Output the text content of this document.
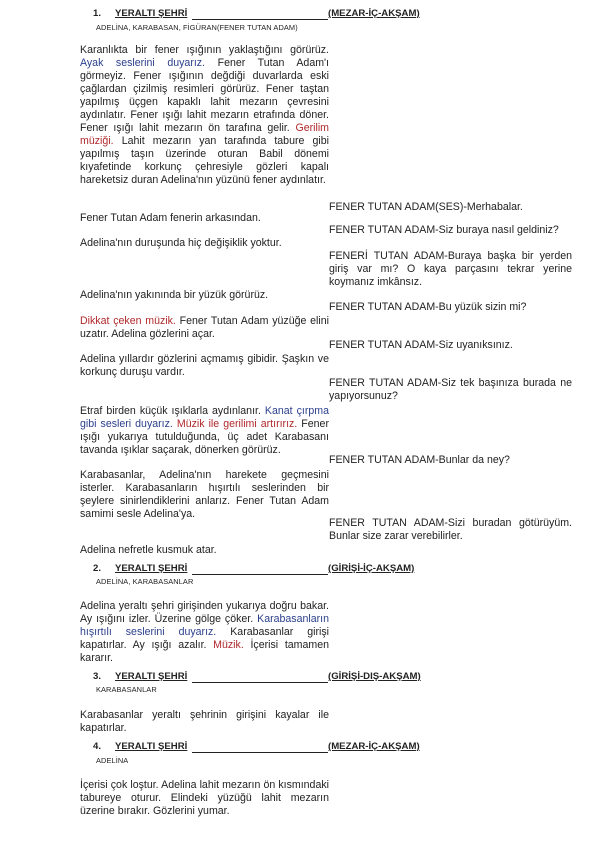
1. YERALTI ŞEHRİ	(MEZAR-İÇ-AKŞAM)
ADELİNA, KARABASAN, FİGÜRAN(FENER TUTAN ADAM)
Karanlıkta bir fener ışığının yaklaştığını görürüz. Ayak seslerini duyarız. Fener Tutan Adam'ı görmeyiz. Fener ışığının değdiği duvarlarda eski çağlardan çizilmiş resimleri görürüz. Fener taştan yapılmış üçgen kapaklı lahit mezarın çevresini aydınlatır. Fener ışığı lahit mezarın etrafında döner. Fener ışığı lahit mezarın ön tarafına gelir. Gerilim müziği. Lahit mezarın yan tarafında tabure gibi yapılmış taşın üzerinde oturan Babil dönemi kıyafetinde korkunç çehresiyle gözleri kapalı hareketsiz duran Adelina'nın yüzünü fener aydınlatır.
Fener Tutan Adam fenerin arkasından.
Adelina'nın duruşunda hiç değişiklik yoktur.
Adelina'nın yakınında bir yüzük görürüz.
Dikkat çeken müzik. Fener Tutan Adam yüzüğe elini uzatır. Adelina gözlerini açar.
Adelina yıllardır gözlerini açmamış gibidir. Şaşkın ve korkunç duruşu vardır.
Etraf birden küçük ışıklarla aydınlanır. Kanat çırpma gibi sesleri duyarız. Müzik ile gerilimi artırırız. Fener ışığı yukarıya tutulduğunda, üç adet Karabasanı tavanda ışıklar saçarak, dönerken görürüz.
Karabasanlar, Adelina'nın harekete geçmesini isterler. Karabasanların hışırtılı seslerinden bir şeylere sinirlendiklerini anlarız. Fener Tutan Adam samimi sesle Adelina'ya.
Adelina nefretle kusmuk atar.
FENER TUTAN ADAM(SES)-Merhabalar.
FENER TUTAN ADAM-Siz buraya nasıl geldiniz?
FENERİ TUTAN ADAM-Buraya başka bir yerden giriş var mı? O kaya parçasını tekrar yerine koymanız imkânsız.
FENER TUTAN ADAM-Bu yüzük sizin mi?
FENER TUTAN ADAM-Siz uyanıksınız.
FENER TUTAN ADAM-Siz tek başınıza burada ne yapıyorsunuz?
FENER TUTAN ADAM-Bunlar da ney?
FENER TUTAN ADAM-Sizi buradan götürüyüm. Bunlar size zarar verebilirler.
2. YERALTI ŞEHRİ	(GİRİŞİ-İÇ-AKŞAM)
ADELİNA, KARABASANLAR
Adelina yeraltı şehri girişinden yukarıya doğru bakar. Ay ışığını izler. Üzerine gölge çöker. Karabasanların hışırtılı seslerini duyarız. Karabasanlar girişi kapatırlar. Ay ışığı azalır. Müzik. İçerisi tamamen kararır.
3. YERALTI ŞEHRİ	(GİRİŞİ-DIŞ-AKŞAM)
KARABASANLAR
Karabasanlar yeraltı şehrinin girişini kayalar ile kapatırlar.
4. YERALTI ŞEHRİ	(MEZAR-İÇ-AKŞAM)
ADELİNA
İçerisi çok loştur. Adelina lahit mezarın ön kısmındaki tabureye oturur. Elindeki yüzüğü lahit mezarın üzerine bırakır. Gözlerini yumar.
